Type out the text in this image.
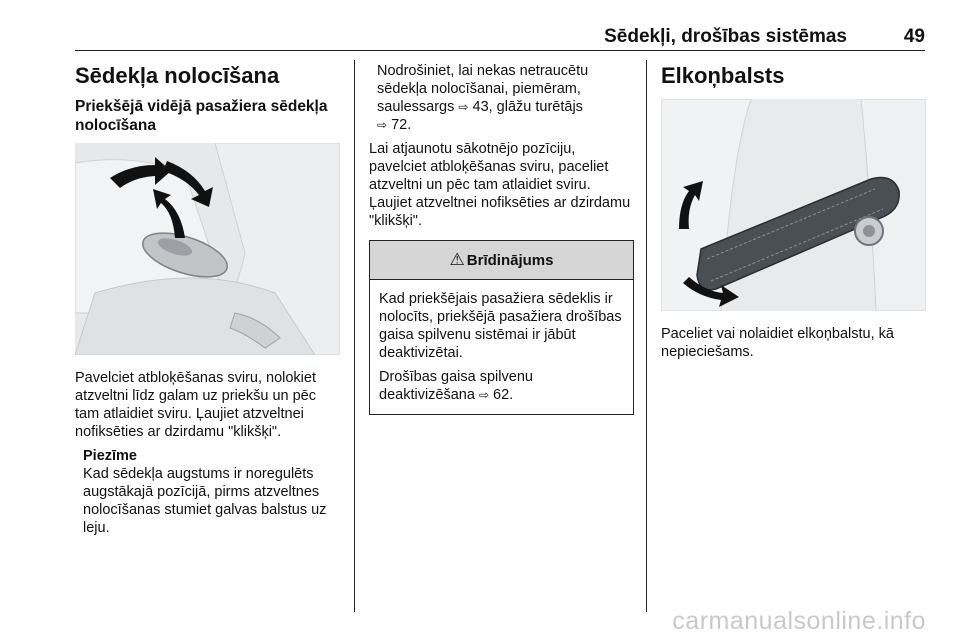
Sēdekļi, drošības sistēmas	49
Sēdekļa nolocīšana
Priekšējā vidējā pasažiera sēdekļa nolocīšana

Pavelciet atbloķēšanas sviru, nolokiet atzveltni līdz galam uz priekšu un pēc tam atlaidiet sviru. Ļaujiet atzveltnei nofiksēties ar dzirdamu "klikšķi".

Piezīme

Kad sēdekļa augstums ir noregulēts augstākajā pozīcijā, pirms atzveltnes nolocīšanas stumiet galvas balstus uz leju.

Nodrošiniet, lai nekas netraucētu sēdekļa nolocīšanai, piemēram, saulessargs ⇨ 43, glāžu turētājs
⇨ 72.

Lai atjaunotu sākotnējo pozīciju, pavelciet atbloķēšanas sviru, paceliet atzveltni un pēc tam atlaidiet sviru. Ļaujiet atzveltnei nofiksēties ar dzirdamu "klikšķi".

⚠ Brīdinājums

Kad priekšējais pasažiera sēdeklis ir nolocīts, priekšējā pasažiera drošības gaisa spilvenu sistēmai ir jābūt deaktivizētai.

Drošības gaisa spilvenu deaktivizēšana ⇨ 62.

Elkoņbalsts

Paceliet vai nolaidiet elkoņbalstu, kā nepieciešams.

carmanualsonline.info
